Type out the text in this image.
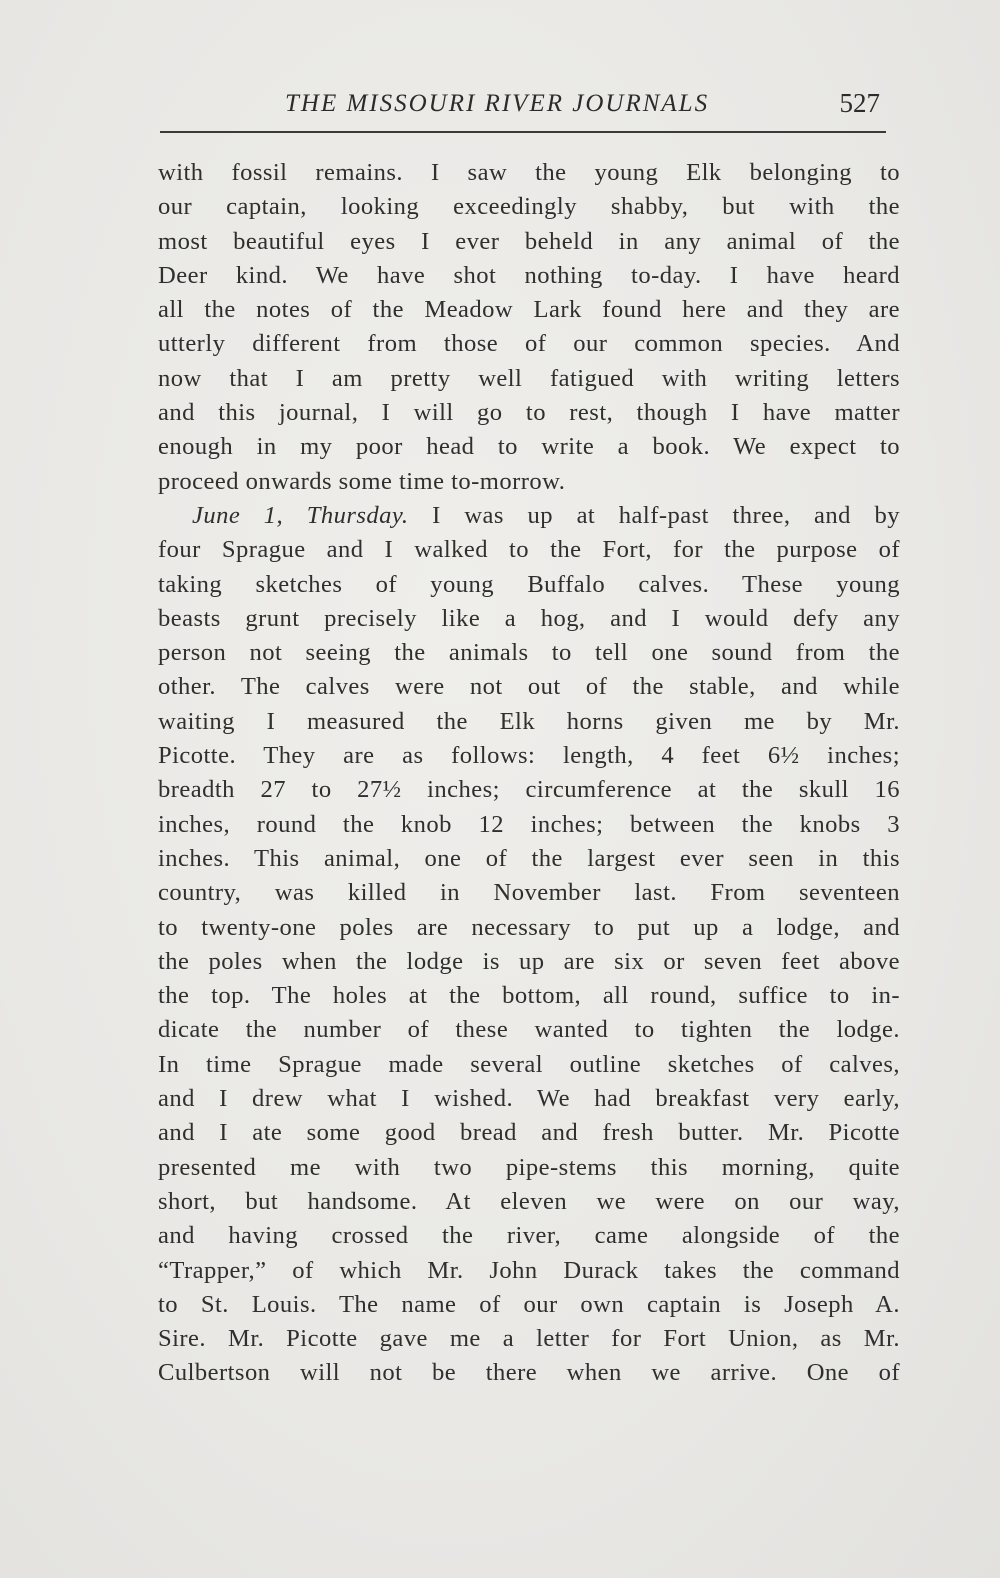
THE MISSOURI RIVER JOURNALS	527
with fossil remains. I saw the young Elk belonging to
our captain, looking exceedingly shabby, but with the
most beautiful eyes I ever beheld in any animal of the
Deer kind. We have shot nothing to-day. I have heard
all the notes of the Meadow Lark found here and they are
utterly different from those of our common species. And
now that I am pretty well fatigued with writing letters
and this journal, I will go to rest, though I have matter
enough in my poor head to write a book. We expect to
proceed onwards some time to-morrow.
June 1, Thursday. I was up at half-past three, and by
four Sprague and I walked to the Fort, for the purpose of
taking sketches of young Buffalo calves. These young
beasts grunt precisely like a hog, and I would defy any
person not seeing the animals to tell one sound from the
other. The calves were not out of the stable, and while
waiting I measured the Elk horns given me by Mr.
Picotte. They are as follows: length, 4 feet 6½ inches;
breadth 27 to 27½ inches; circumference at the skull 16
inches, round the knob 12 inches; between the knobs 3
inches. This animal, one of the largest ever seen in this
country, was killed in November last. From seventeen
to twenty-one poles are necessary to put up a lodge, and
the poles when the lodge is up are six or seven feet above
the top. The holes at the bottom, all round, suffice to in-
dicate the number of these wanted to tighten the lodge.
In time Sprague made several outline sketches of calves,
and I drew what I wished. We had breakfast very early,
and I ate some good bread and fresh butter. Mr. Picotte
presented me with two pipe-stems this morning, quite
short, but handsome. At eleven we were on our way,
and having crossed the river, came alongside of the
“Trapper,” of which Mr. John Durack takes the command
to St. Louis. The name of our own captain is Joseph A.
Sire. Mr. Picotte gave me a letter for Fort Union, as Mr.
Culbertson will not be there when we arrive. One of
